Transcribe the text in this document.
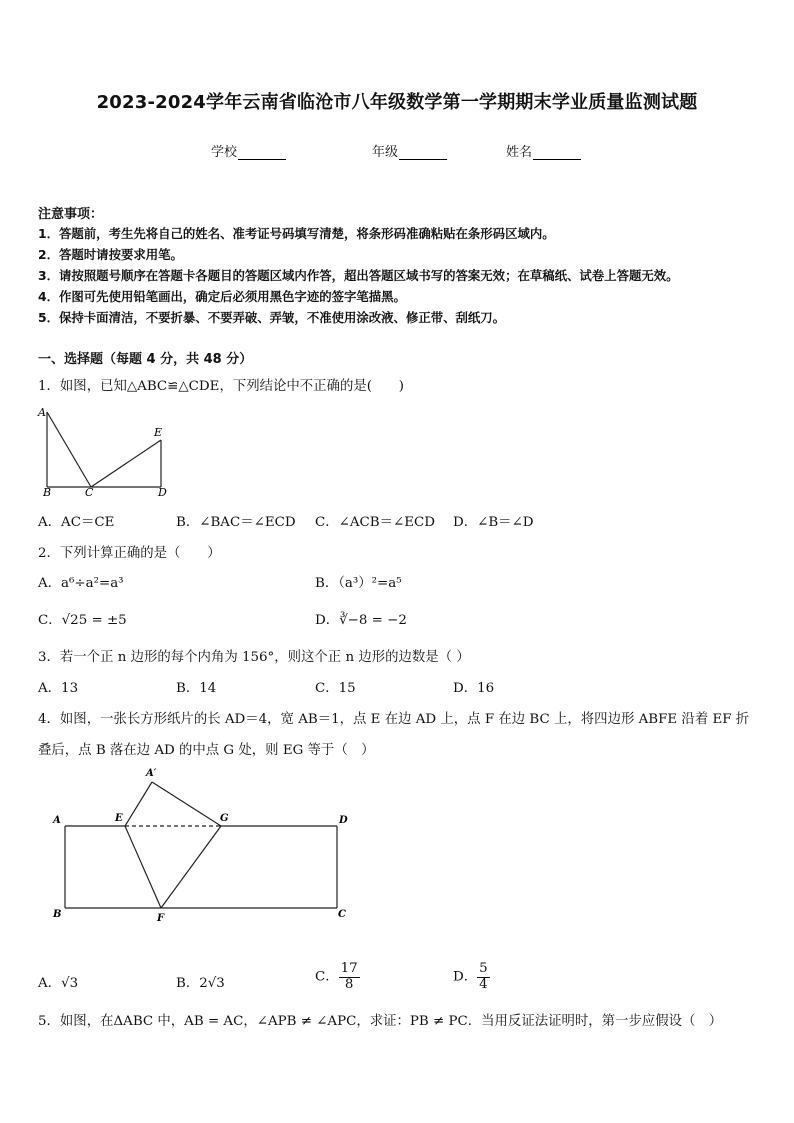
2023-2024学年云南省临沧市八年级数学第一学期期末学业质量监测试题
学校	年级	姓名
注意事项：
1．答题前，考生先将自己的姓名、准考证号码填写清楚，将条形码准确粘贴在条形码区域内。
2．答题时请按要求用笔。
3．请按照题号顺序在答题卡各题目的答题区域内作答，超出答题区域书写的答案无效；在草稿纸、试卷上答题无效。
4．作图可先使用铅笔画出，确定后必须用黑色字迹的签字笔描黑。
5．保持卡面清洁，不要折暴、不要弄破、弄皱，不准使用涂改液、修正带、刮纸刀。
一、选择题（每题 4 分，共 48 分）
1．如图，已知△ABC≌△CDE，下列结论中不正确的是(　　)
A
E
B	C	D
A．AC＝CE	B．∠BAC＝∠ECD C．∠ACB＝∠ECD D．∠B＝∠D
2．下列计算正确的是（　　）
A．a⁶÷a²=a³	B．（a³）²=a⁵
C．√25 = ±5	D．∛−8 = −2
3．若一个正 n 边形的每个内角为 156°，则这个正 n 边形的边数是（ ）
A．13	B．14	C．15	D．16
4．如图，一张长方形纸片的长 AD＝4，宽 AB＝1，点 E 在边 AD 上，点 F 在边 BC 上，将四边形 ABFE 沿着 EF 折
叠后，点 B 落在边 AD 的中点 G 处，则 EG 等于（　）
A′
A	E	G	D
B	F	C
A．√3	B．2√3	C． $\frac{17}{8}$	D． $\frac{5}{4}$
5．如图，在ΔABC 中，AB = AC，∠APB ≠ ∠APC，求证：PB ≠ PC．当用反证法证明时，第一步应假设（　）
